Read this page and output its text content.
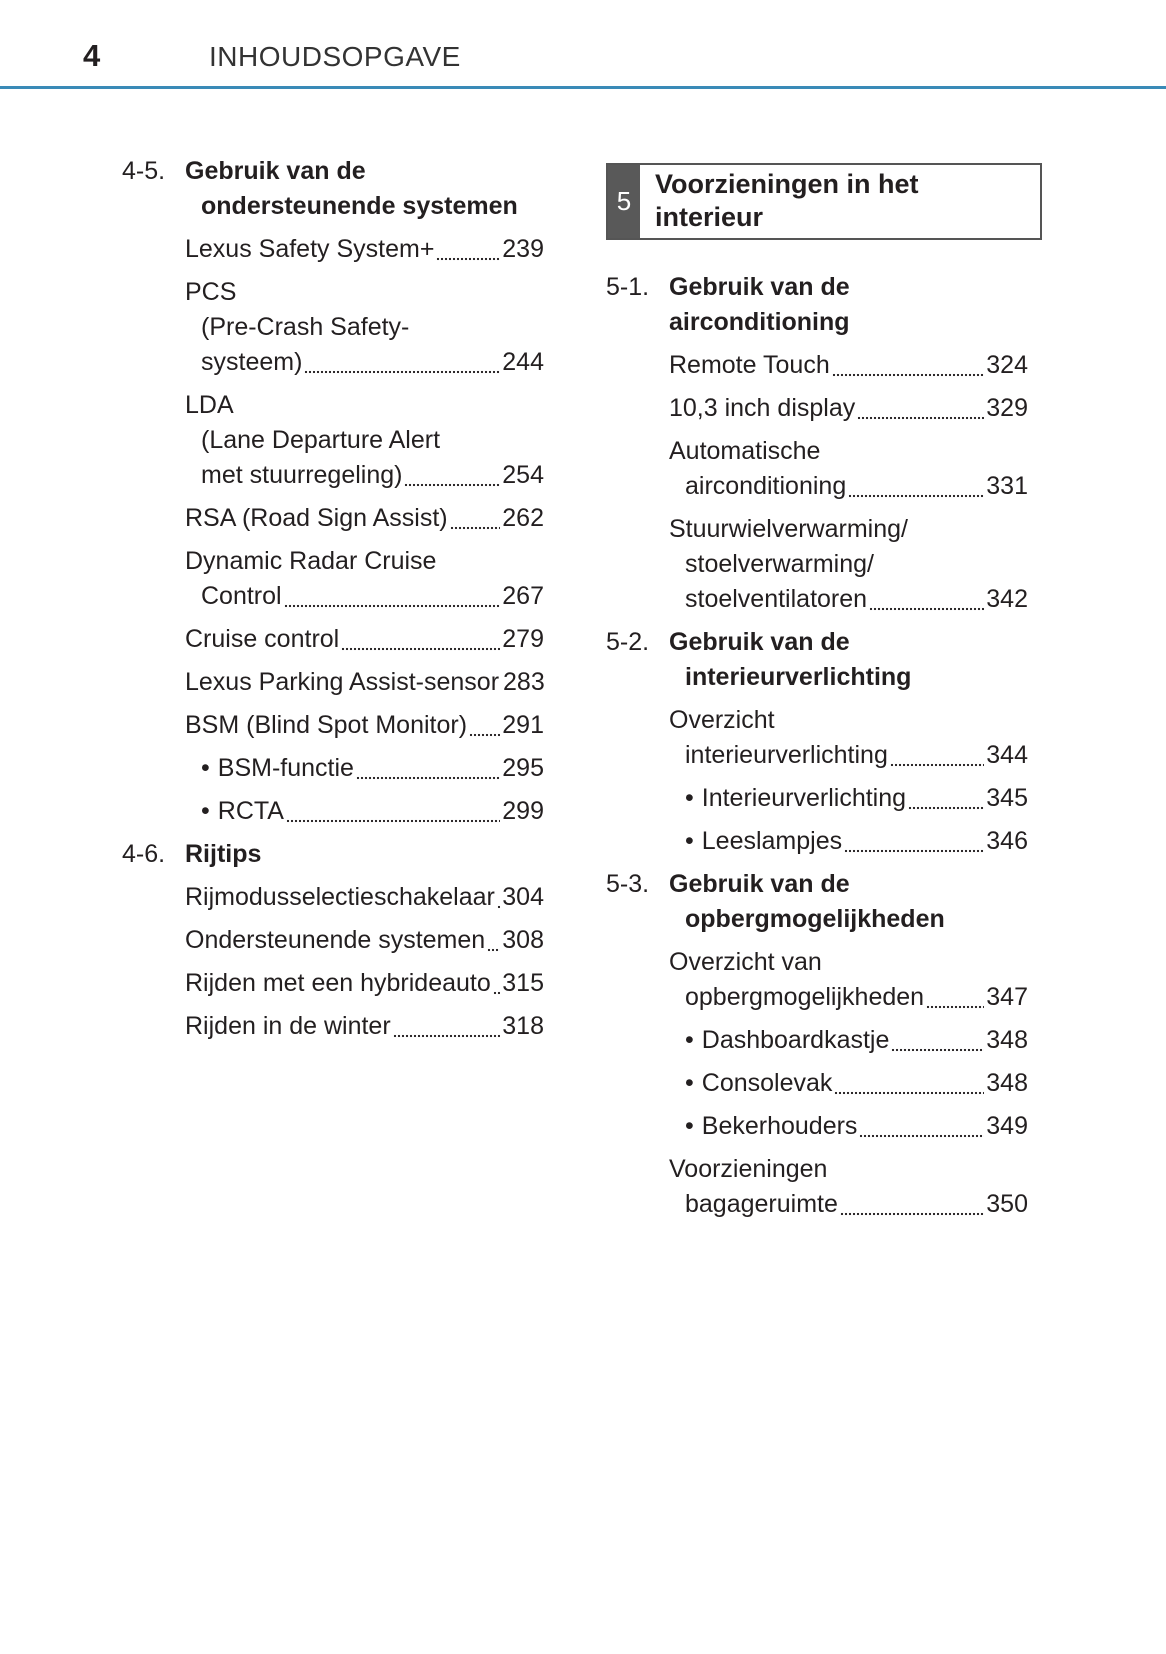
4	INHOUDSOPGAVE
4-5. Gebruik van de
ondersteunende systemen
Lexus Safety System+	239
PCS
(Pre-Crash Safety-
systeem)	244
LDA
(Lane Departure Alert
met stuurregeling)	254
RSA (Road Sign Assist) 262
Dynamic Radar Cruise
Control	267
Cruise control	279
Lexus Parking Assist-sensor 283
BSM (Blind Spot Monitor) 291
• BSM-functie	295
• RCTA	299
4-6. Rijtips
Rijmodusselectieschakelaar 304
Ondersteunende systemen 308
Rijden met een hybrideauto 315
Rijden in de winter	318
5
Voorzieningen in het
interieur
5-1. Gebruik van de airconditioning
Remote Touch	324
10,3 inch display	329
Automatische
airconditioning	331
Stuurwielverwarming/
stoelverwarming/
stoelventilatoren	342
5-2. Gebruik van de
interieurverlichting
Overzicht
interieurverlichting	344
• Interieurverlichting	345
• Leeslampjes	346
5-3. Gebruik van de
opbergmogelijkheden
Overzicht van
opbergmogelijkheden 347
• Dashboardkastje	348
• Consolevak	348
• Bekerhouders	349
Voorzieningen
bagageruimte	350
